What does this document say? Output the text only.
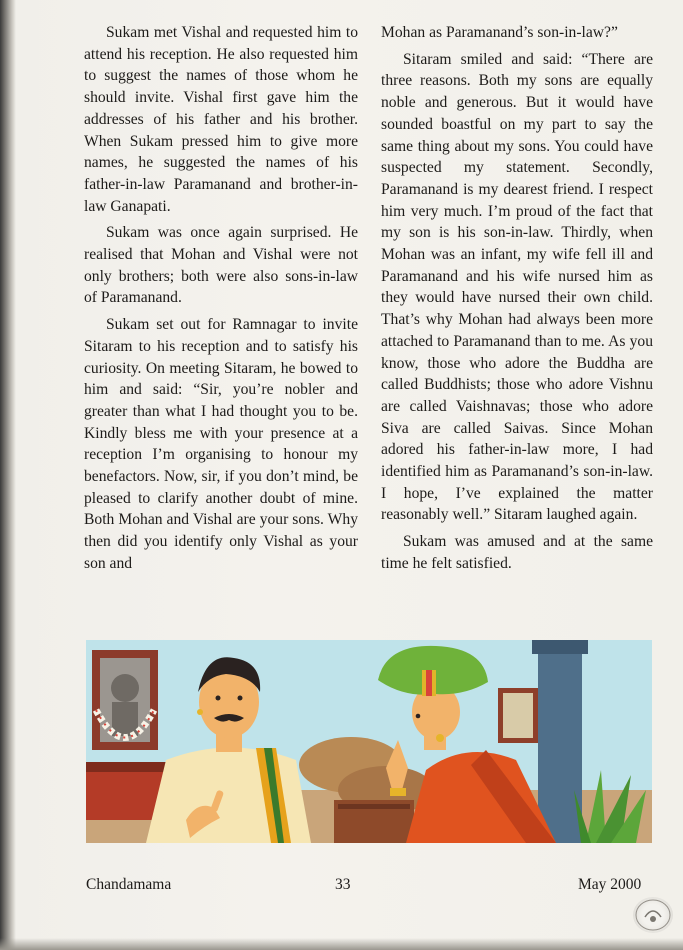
Sukam met Vishal and requested him to attend his reception. He also requested him to suggest the names of those whom he should invite. Vishal first gave him the addresses of his father and his brother. When Sukam pressed him to give more names, he suggested the names of his father-in-law Paramanand and brother-in-law Ganapati.

Sukam was once again surprised. He realised that Mohan and Vishal were not only brothers; both were also sons-in-law of Paramanand.

Sukam set out for Ramnagar to invite Sitaram to his reception and to satisfy his curiosity. On meeting Sitaram, he bowed to him and said: “Sir, you’re nobler and greater than what I had thought you to be. Kindly bless me with your presence at a reception I’m organising to honour my benefactors. Now, sir, if you don’t mind, be pleased to clarify another doubt of mine. Both Mohan and Vishal are your sons. Why then did you identify only Vishal as your son and

Mohan as Paramanand’s son-in-law?”

Sitaram smiled and said: “There are three reasons. Both my sons are equally noble and generous. But it would have sounded boastful on my part to say the same thing about my sons. You could have suspected my statement. Secondly, Paramanand is my dearest friend. I respect him very much. I’m proud of the fact that my son is his son-in-law. Thirdly, when Mohan was an infant, my wife fell ill and Paramanand and his wife nursed him as they would have nursed their own child. That’s why Mohan had always been more attached to Paramanand than to me. As you know, those who adore the Buddha are called Buddhists; those who adore Vishnu are called Vaishnavas; those who adore Siva are called Saivas. Since Mohan adored his father-in-law more, I had identified him as Paramanand’s son-in-law. I hope, I’ve explained the matter reasonably well.” Sitaram laughed again.

Sukam was amused and at the same time he felt satisfied.

Chandamama	33	May 2000
